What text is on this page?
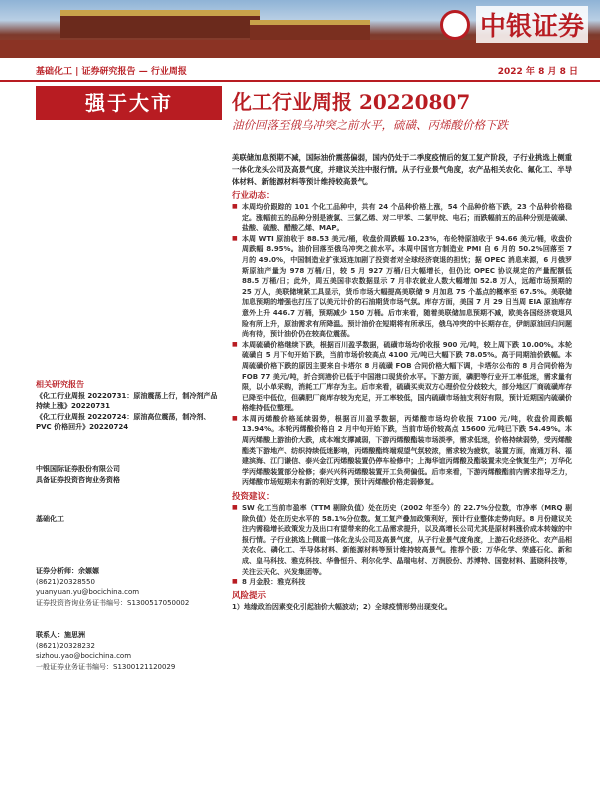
中银证券
基础化工 | 证券研究报告 — 行业周报	2022 年 8 月 8 日
强于大市	化工行业周报 20220807
油价回落至俄乌冲突之前水平，硫磺、丙烯酸价格下跌
美联储加息预期不减，国际油价震荡偏弱，国内仍处于二季度疫情后的复工复产阶段，子行业挑选上侧重一体化龙头公司及高景气度，并建议关注中报行情。从子行业景气角度，农产品相关农化、氟化工、半导体材料、新能源材料等预计维持较高景气。
行业动态：
■ 本周均价跟踪的 101 个化工品种中，共有 24 个品种价格上涨，54 个品种价格下跌，23 个品种价格稳定。涨幅前五的品种分别是液氯、三氯乙烯、对二甲苯、二氯甲烷、电石；而跌幅前五的品种分别是硫磺、盐酸、硫酸、醋酸乙烯、MAP。
■ 本周 WTI 原油收于 88.53 美元/桶，收盘价周跌幅 10.23%，布伦特原油收于 94.66 美元/桶，收盘价周跌幅 8.95%。油价回落至俄乌冲突之前水平。本周中国官方制造业 PMI 自 6 月的 50.2%回落至 7 月的 49.0%，中国制造业扩张返连加剧了投资者对全球经济衰退的担忧；据 OPEC 消息来源，6 月俄罗斯原油产量为 978 万桶/日，较 5 月 927 万桶/日大幅增长，但仍比 OPEC 协议规定的产量配额低 88.5 万桶/日；此外，周五美国非农数据显示 7 月非农就业人数大幅增加 52.8 万人，远超市场预期的 25 万人，美联储境紧工具显示，货币市场大幅提高美联储 9 月加息 75 个基点的概率至 67.5%。美联储加息预期的增强也打压了以美元计价的石油期货市场气氛。库存方面，美国 7 月 29 日当周 EIA 原油库存意外上升 446.7 万桶，预期减少 150 万桶。后市来看，随着美联储加息预期不减，欧美各国经济衰退风险有所上升，原油需求有所降温。预计油价在短期将有所承压，俄乌冲突的中长期存在，伊朗原油回归问题尚有待，预计油价仍在较高位震荡。
■ 本周硫磺价格继续下跌，根据百川盈孚数据，硫磺市场均价收报 900 元/吨，较上周下跌 10.00%。本轮硫磺自 5 月下旬开始下跌，当前市场价较高点 4100 元/吨已大幅下跌 78.05%。高于同期油价跌幅。本周硫磺价格下跌的原因主要来自卡塔尔 8 月硫磺 FOB 合同价格大幅下调，卡塔尔公布的 8 月合同价格为 FOB 77 美元/吨，折合到港价已低于中国港口现货价水平。下游方面，磷肥等行业开工率低迷，需求量有限，以小单采购，消耗工厂库存为主。后市来看，硫磺买卖双方心理价位分歧较大，部分地区厂商硫磺库存已降至中低位，但磷肥厂商库存较为充足，开工率较低，国内硫磺市场抽支利好有限，预计近期国内硫磺价格维持低位整理。
■ 本周丙烯酸价格延续弱势，根据百川盈孚数据，丙烯酸市场均价收报 7100 元/吨，收盘价周跌幅 13.94%。本轮丙烯酸价格自 2 月中旬开始下跌，当前市场价较高点 15600 元/吨已下跌 54.49%。本周丙烯酸上游油价大跌，成本端支撑减弱，下游丙烯酸酯装市场淡季，需求低迷，价格持续弱势，受丙烯酸酯类下游地产、纺织持续低迷影响，丙烯酸酯终端观望气氛较浓，需求较为疲软，装置方面，南通万科、福建滨海、江门谦信、泰兴金江丙烯酸装置仍停车检修中；上海华谊丙烯酸及酯装置未完全恢复生产；万华化学丙烯酸装置部分检修；泰兴兴科丙烯酸装置开工负荷偏低。后市来看，下游丙烯酸酯前内需求指导乏力，丙烯酸市场短期未有新的利好支撑，预计丙烯酸价格走弱修复。
投资建议：
■ SW 化工当前市盈率（TTM 剔除负值）处在历史（2002 年至今）的 22.7%分位数，市净率（MRQ 剔除负值）处在历史水平的 58.1%分位数。复工复产叠加政策利好，预计行业整体走势向好。8 月份建议关注内需稳增长政策发力及出口有望带来的化工品需求提升，以及高增长公司尤其是原材料涨价成本转嫁的中报行情。子行业挑选上侧重一体化龙头公司及高景气度，从子行业景气度角度，上游石化经济化、农产品相关农化、磷化工、半导体材料、新能源材料等预计维持较高景气。推荐个股：万华化学、荣盛石化、新和成、皇马科技、雅克科技、华鲁恒升、利尔化学、晶瑞电材、万润股份、苏博特、国瓷材料、蓝晓科技等，关注云天化、兴发集团等。
■ 8 月金股：雅克科技
风险提示
1）地缘政治因素变化引起油价大幅波动；2）全球疫情形势出现变化。
相关研究报告
《化工行业周报 20220731：原油震荡上行，制冷剂产品持续上涨》20220731
《化工行业周报 20220724：原油高位震荡，制冷剂、PVC 价格回升》20220724
中银国际证券股份有限公司
具备证券投资咨询业务资格
基础化工
证券分析师：余嫄嫄
(8621)20328550
yuanyuan.yu@bocichina.com
证券投资咨询业务证书编号：S1300517050002
联系人：施思洲
(8621)20328232
sizhou.yao@bocichina.com
一般证券业务证书编号：S1300121120029
